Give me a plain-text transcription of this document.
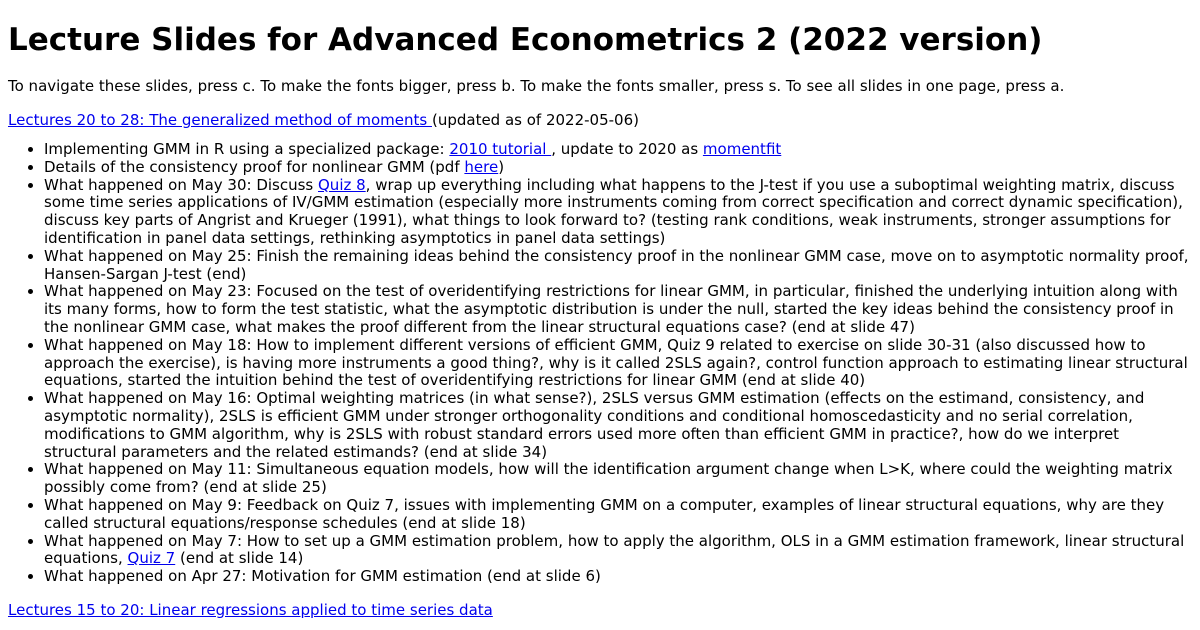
Lecture Slides for Advanced Econometrics 2 (2022 version)

To navigate these slides, press c. To make the fonts bigger, press b. To make the fonts smaller, press s. To see all slides in one page, press a.

Lectures 20 to 28: The generalized method of moments (updated as of 2022-05-06)

• Implementing GMM in R using a specialized package: 2010 tutorial , update to 2020 as momentfit
• Details of the consistency proof for nonlinear GMM (pdf here)
• What happened on May 30: Discuss Quiz 8, wrap up everything including what happens to the J-test if you use a suboptimal weighting matrix, discuss some time series applications of IV/GMM estimation (especially more instruments coming from correct specification and correct dynamic specification), discuss key parts of Angrist and Krueger (1991), what things to look forward to? (testing rank conditions, weak instruments, stronger assumptions for identification in panel data settings, rethinking asymptotics in panel data settings)
• What happened on May 25: Finish the remaining ideas behind the consistency proof in the nonlinear GMM case, move on to asymptotic normality proof, Hansen-Sargan J-test (end)
• What happened on May 23: Focused on the test of overidentifying restrictions for linear GMM, in particular, finished the underlying intuition along with its many forms, how to form the test statistic, what the asymptotic distribution is under the null, started the key ideas behind the consistency proof in the nonlinear GMM case, what makes the proof different from the linear structural equations case? (end at slide 47)
• What happened on May 18: How to implement different versions of efficient GMM, Quiz 9 related to exercise on slide 30-31 (also discussed how to approach the exercise), is having more instruments a good thing?, why is it called 2SLS again?, control function approach to estimating linear structural equations, started the intuition behind the test of overidentifying restrictions for linear GMM (end at slide 40)
• What happened on May 16: Optimal weighting matrices (in what sense?), 2SLS versus GMM estimation (effects on the estimand, consistency, and asymptotic normality), 2SLS is efficient GMM under stronger orthogonality conditions and conditional homoscedasticity and no serial correlation, modifications to GMM algorithm, why is 2SLS with robust standard errors used more often than efficient GMM in practice?, how do we interpret structural parameters and the related estimands? (end at slide 34)
• What happened on May 11: Simultaneous equation models, how will the identification argument change when L>K, where could the weighting matrix possibly come from? (end at slide 25)
• What happened on May 9: Feedback on Quiz 7, issues with implementing GMM on a computer, examples of linear structural equations, why are they called structural equations/response schedules (end at slide 18)
• What happened on May 7: How to set up a GMM estimation problem, how to apply the algorithm, OLS in a GMM estimation framework, linear structural equations, Quiz 7 (end at slide 14)
• What happened on Apr 27: Motivation for GMM estimation (end at slide 6)

Lectures 15 to 20: Linear regressions applied to time series data
